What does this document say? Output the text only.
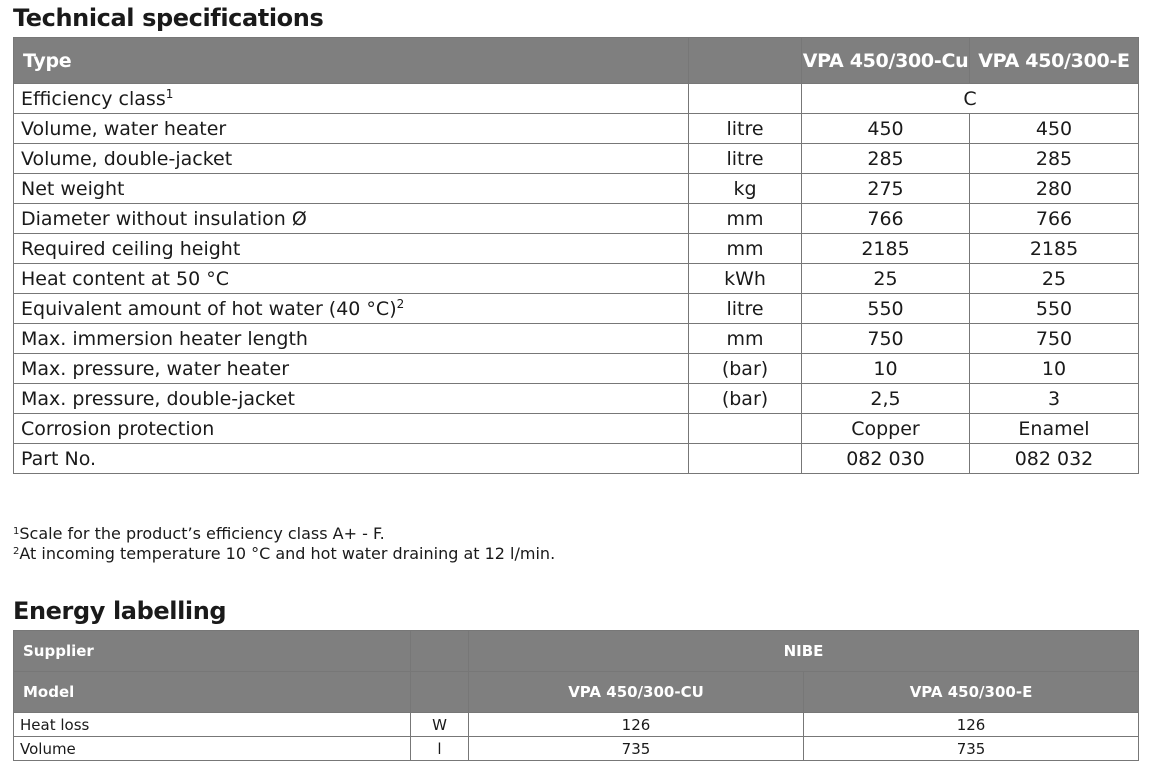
Technical specifications
Type		VPA 450/300-Cu	VPA 450/300-E
Efficiency class$^1$		C	
Volume, water heater	litre	450	450
Volume, double-jacket	litre	285	285
Net weight	kg	275	280
Diameter without insulation Ø	mm	766	766
Required ceiling height	mm	2185	2185
Heat content at 50 °C	kWh	25	25
Equivalent amount of hot water (40 °C)$^2$	litre	550	550
Max. immersion heater length	mm	750	750
Max. pressure, water heater	(bar)	10	10
Max. pressure, double-jacket	(bar)	2,5	3
Corrosion protection		Copper	Enamel
Part No.		082 030	082 032
$^1$Scale for the product’s efficiency class A+ - F.
$^2$At incoming temperature 10 °C and hot water draining at 12 l/min.
Energy labelling
Supplier		NIBE	
Model		VPA 450/300-CU	VPA 450/300-E
Heat loss	W	126	126
Volume	l	735	735
